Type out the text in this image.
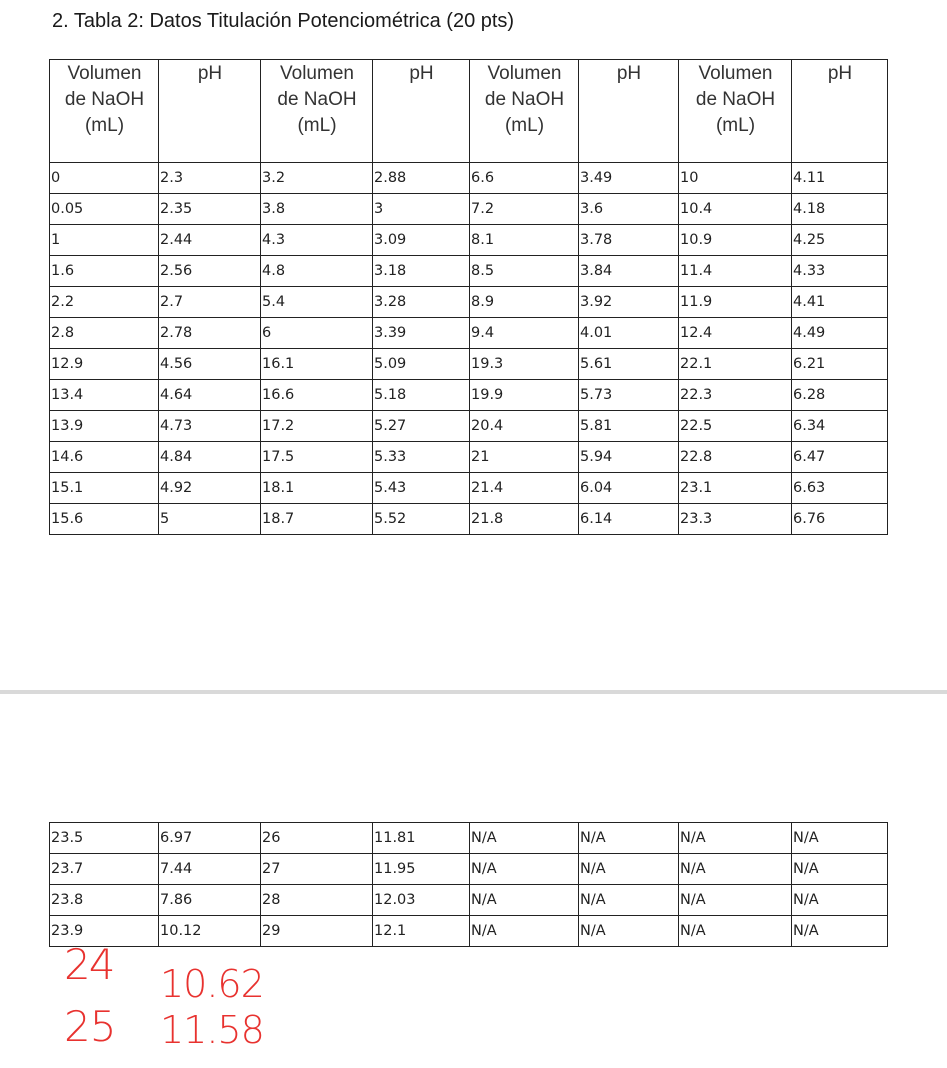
2. Tabla 2: Datos Titulación Potenciométrica (20 pts)
Volumen
de NaOH
(mL)	pH	Volumen
de NaOH
(mL)	pH	Volumen
de NaOH
(mL)	pH	Volumen
de NaOH
(mL)	pH

0	2.3	3.2	2.88	6.6	3.49	10	4.11
0.05	2.35	3.8	3	7.2	3.6	10.4	4.18
1	2.44	4.3	3.09	8.1	3.78	10.9	4.25
1.6	2.56	4.8	3.18	8.5	3.84	11.4	4.33
2.2	2.7	5.4	3.28	8.9	3.92	11.9	4.41
2.8	2.78	6	3.39	9.4	4.01	12.4	4.49
12.9	4.56	16.1	5.09	19.3	5.61	22.1	6.21
13.4	4.64	16.6	5.18	19.9	5.73	22.3	6.28
13.9	4.73	17.2	5.27	20.4	5.81	22.5	6.34
14.6	4.84	17.5	5.33	21	5.94	22.8	6.47
15.1	4.92	18.1	5.43	21.4	6.04	23.1	6.63
15.6	5	18.7	5.52	21.8	6.14	23.3	6.76
23.5	6.97	26	11.81	N/A	N/A	N/A	N/A
23.7	7.44	27	11.95	N/A	N/A	N/A	N/A
23.8	7.86	28	12.03	N/A	N/A	N/A	N/A
23.9	10.12	29	12.1	N/A	N/A	N/A	N/A
24 10.62
25 11.58
